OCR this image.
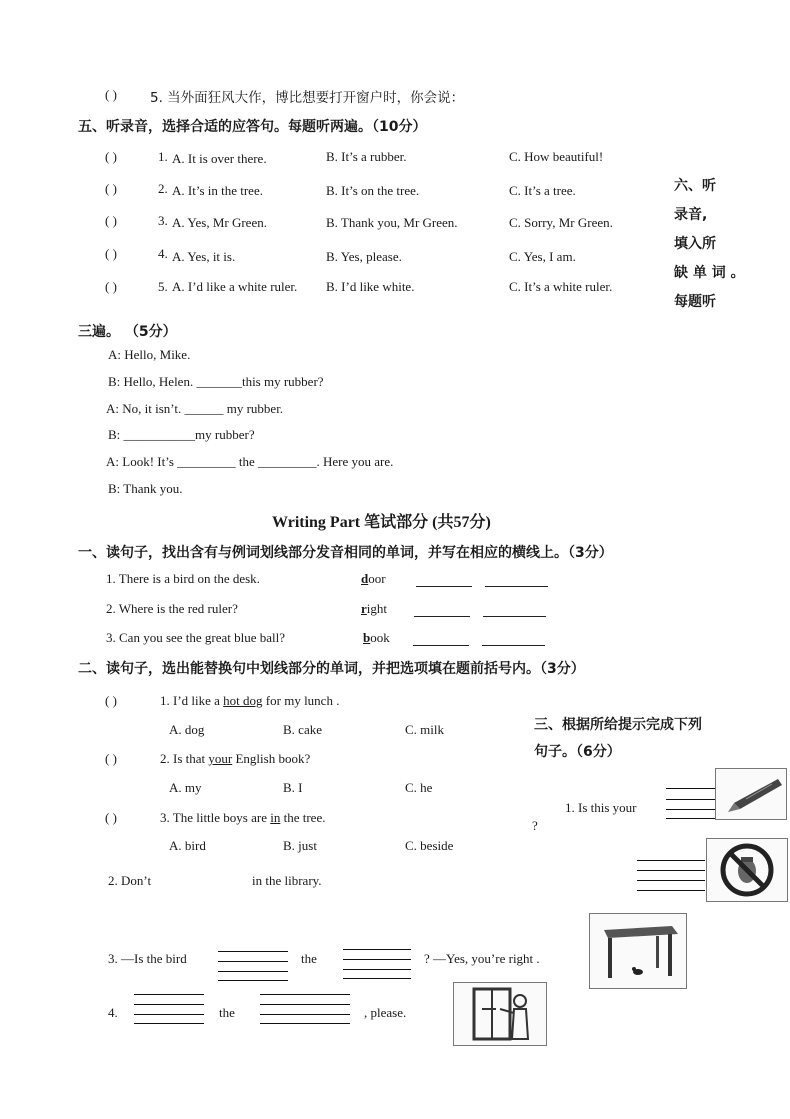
( ) 5. 当外面狂风大作，博比想要打开窗户时，你会说：
五、听录音，选择合适的应答句。每题听两遍。（10分）
( )	1. A. It is over there.	B. It’s a rubber.	C. How beautiful!
( )	2. A. It’s in the tree.	B. It’s on the tree.	C. It’s a tree.
( )	3. A. Yes, Mr Green.	B. Thank you, Mr Green.	C. Sorry, Mr Green.
( )	4. A. Yes, it is.	B. Yes, please.	C. Yes, I am.
( )	5. A. I’d like a white ruler. B. I’d like white.	C. It’s a white ruler.
六、听
录音,
填入所
缺 单 词 。
每题听
三遍。 （5分）
A: Hello, Mike.
B: Hello, Helen. _______this my rubber?
A: No, it isn’t. ______ my rubber.
B: ___________my rubber?
A: Look! It’s _________ the _________. Here you are.
B: Thank you.
Writing Part 笔试部分 (共57分)
一、读句子，找出含有与例词划线部分发音相同的单词，并写在相应的横线上。（3分）
1. There is a bird on the desk.	door
2. Where is the red ruler?	right
3. Can you see the great blue ball?	book
二、读句子，选出能替换句中划线部分的单词，并把选项填在题前括号内。（3分）
( )	1. I’d like a hot dog for my lunch .
A. dog	B. cake	C. milk
( )	2. Is that your English book?
A. my	B. I	C. he
( )	3. The little boys are in the tree.
A. bird	B. just	C. beside
三、根据所给提示完成下列
句子。（6分）
1. Is this your
?
2. Don’t	in the library.
3. —Is the bird	the	? —Yes, you’re right .
4.	the	, please.
